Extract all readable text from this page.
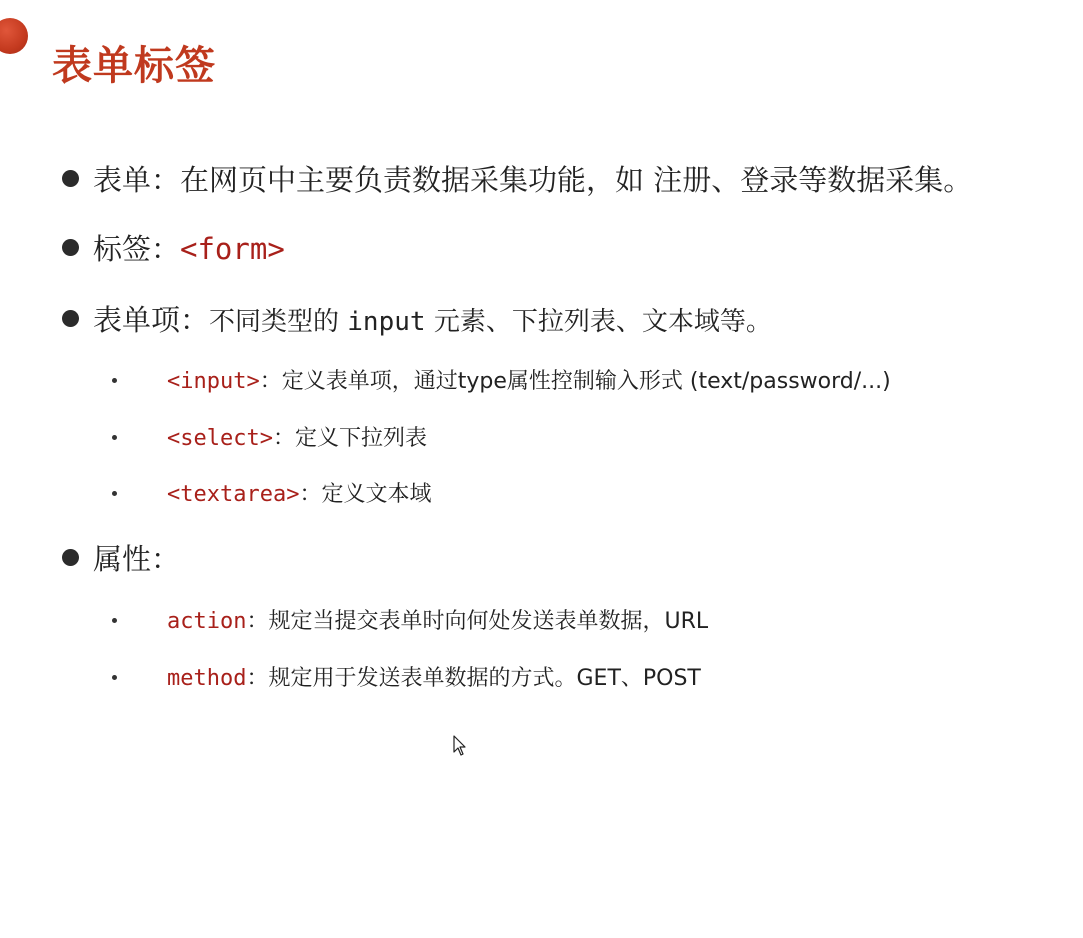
表单标签
表单：在网页中主要负责数据采集功能，如 注册、登录等数据采集。
标签：<form>
表单项：不同类型的 input 元素、下拉列表、文本域等。
<input>：定义表单项，通过type属性控制输入形式 (text/password/...)
<select>：定义下拉列表
<textarea>：定义文本域
属性：
action：规定当提交表单时向何处发送表单数据，URL
method：规定用于发送表单数据的方式。GET、POST
